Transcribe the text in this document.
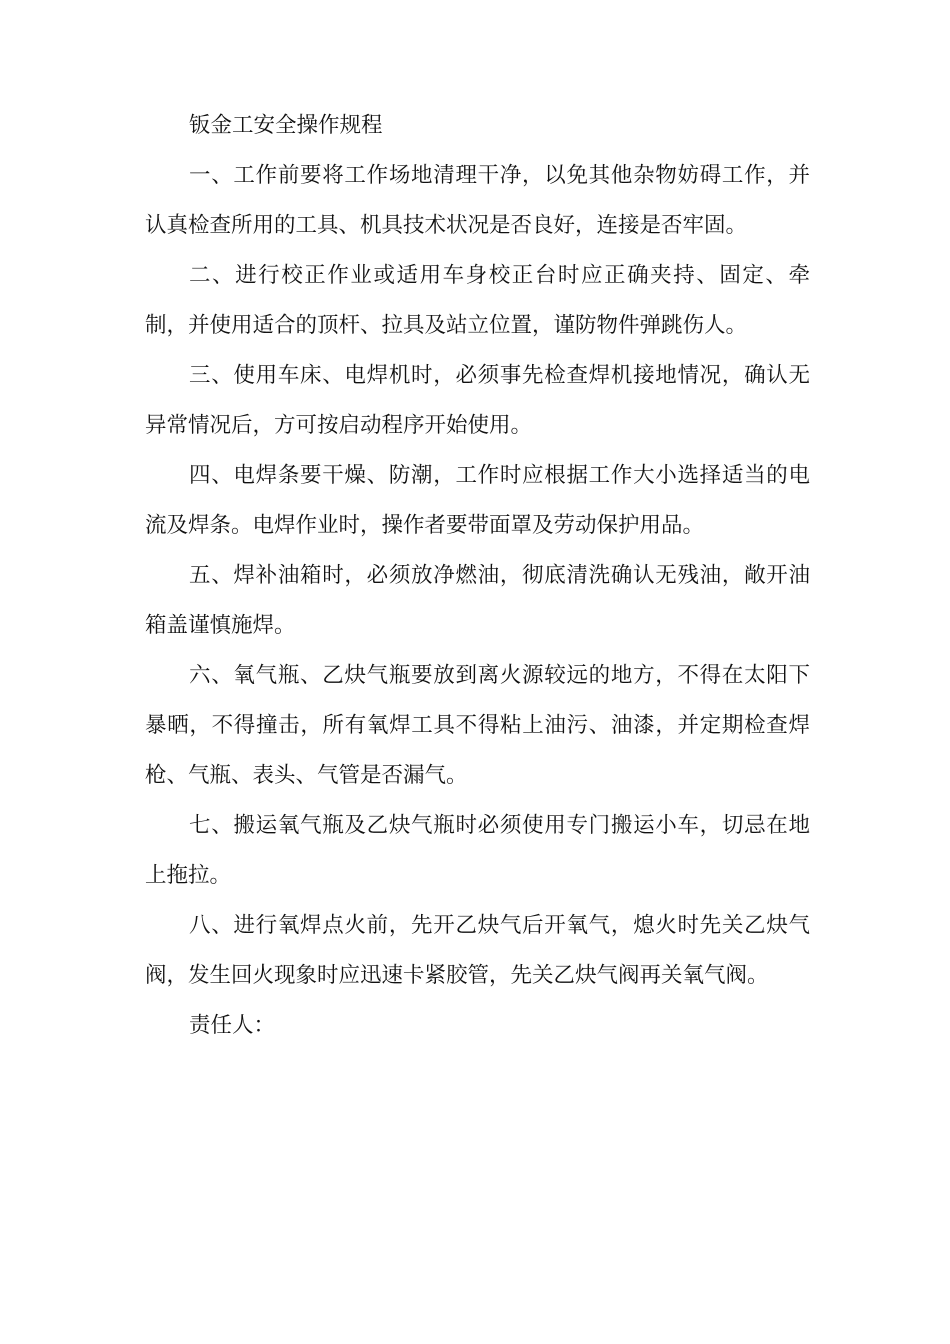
钣金工安全操作规程

一、工作前要将工作场地清理干净，以免其他杂物妨碍工作，并认真检查所用的工具、机具技术状况是否良好，连接是否牢固。

二、进行校正作业或适用车身校正台时应正确夹持、固定、牵制，并使用适合的顶杆、拉具及站立位置，谨防物件弹跳伤人。

三、使用车床、电焊机时，必须事先检查焊机接地情况，确认无异常情况后，方可按启动程序开始使用。

四、电焊条要干燥、防潮，工作时应根据工作大小选择适当的电流及焊条。电焊作业时，操作者要带面罩及劳动保护用品。

五、焊补油箱时，必须放净燃油，彻底清洗确认无残油，敞开油箱盖谨慎施焊。

六、氧气瓶、乙炔气瓶要放到离火源较远的地方，不得在太阳下暴晒，不得撞击，所有氧焊工具不得粘上油污、油漆，并定期检查焊枪、气瓶、表头、气管是否漏气。

七、搬运氧气瓶及乙炔气瓶时必须使用专门搬运小车，切忌在地上拖拉。

八、进行氧焊点火前，先开乙炔气后开氧气，熄火时先关乙炔气阀，发生回火现象时应迅速卡紧胶管，先关乙炔气阀再关氧气阀。

责任人：
